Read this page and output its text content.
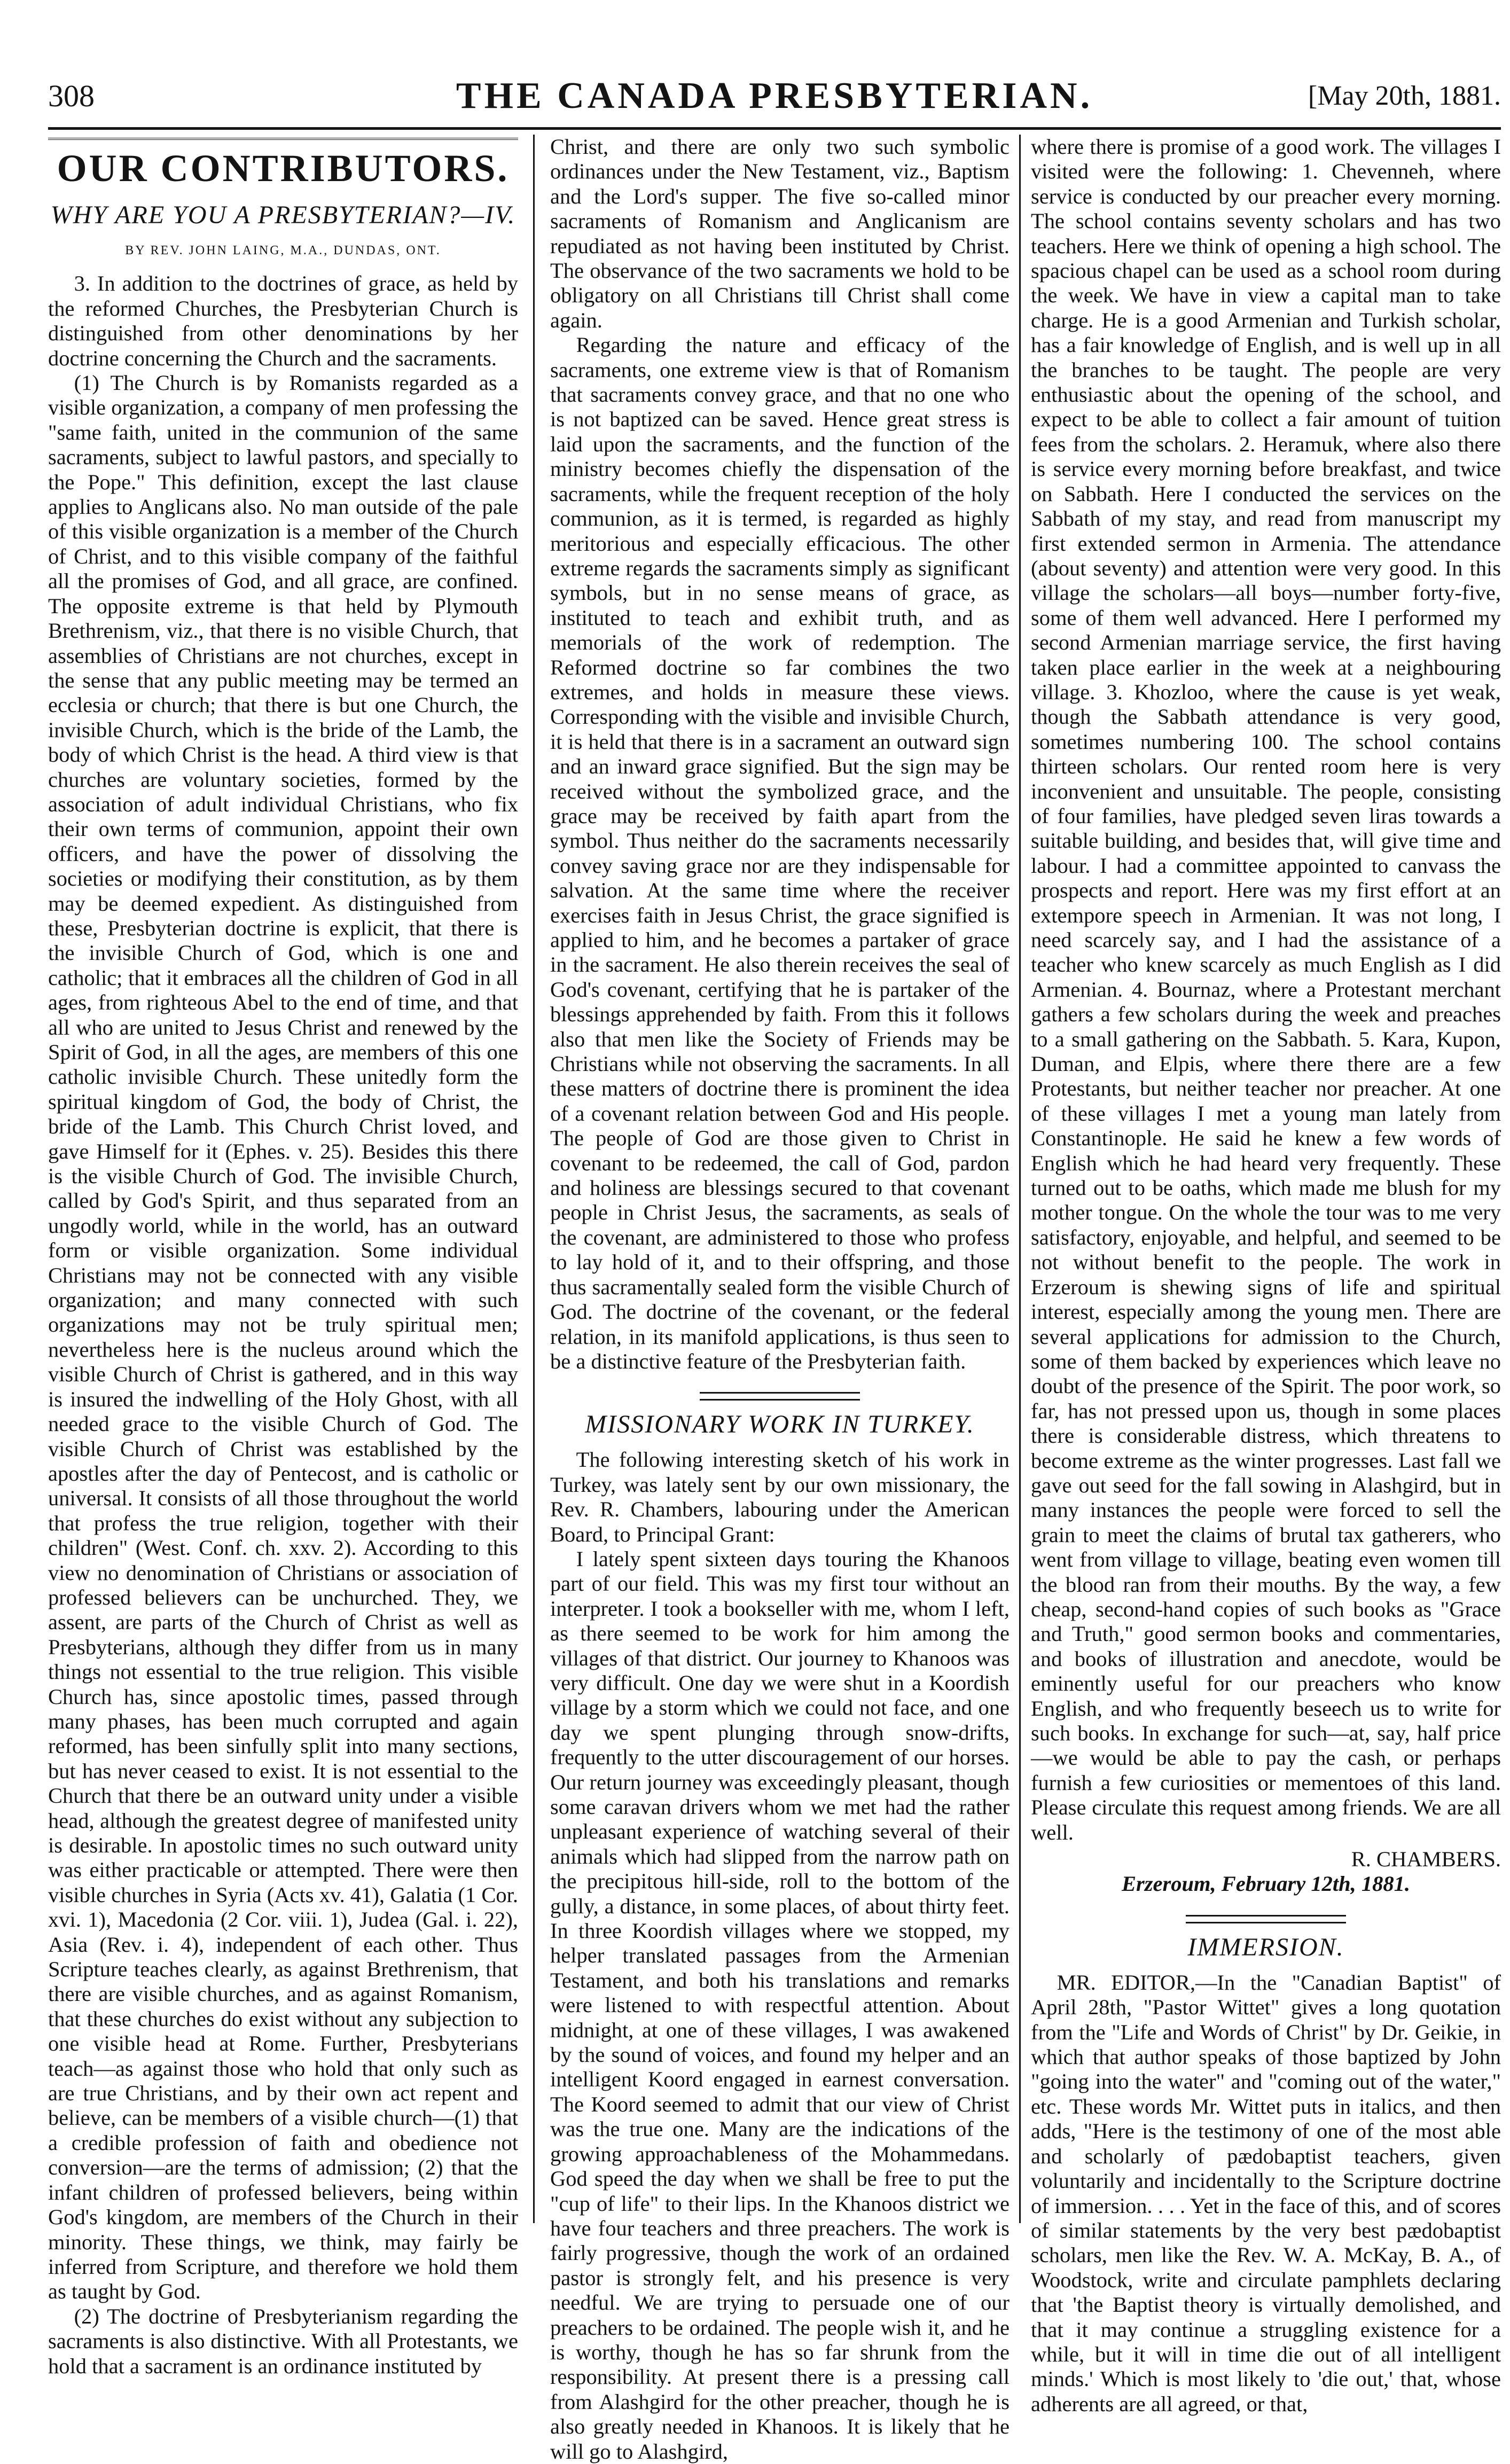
308	THE CANADA PRESBYTERIAN.	[May 20th, 1881.
OUR CONTRIBUTORS.
WHY ARE YOU A PRESBYTERIAN?—IV.
BY REV. JOHN LAING, M.A., DUNDAS, ONT.

3. In addition to the doctrines of grace, as held by the reformed Churches, the Presbyterian Church is distinguished from other denominations by her doctrine concerning the Church and the sacraments.

(1) The Church is by Romanists regarded as a visible organization, a company of men professing the "same faith, united in the communion of the same sacraments, subject to lawful pastors, and specially to the Pope." This definition, except the last clause applies to Anglicans also. No man outside of the pale of this visible organization is a member of the Church of Christ, and to this visible company of the faithful all the promises of God, and all grace, are confined. The opposite extreme is that held by Plymouth Brethrenism, viz., that there is no visible Church, that assemblies of Christians are not churches, except in the sense that any public meeting may be termed an ecclesia or church; that there is but one Church, the invisible Church, which is the bride of the Lamb, the body of which Christ is the head. A third view is that churches are voluntary societies, formed by the association of adult individual Christians, who fix their own terms of communion, appoint their own officers, and have the power of dissolving the societies or modifying their constitution, as by them may be deemed expedient. As distinguished from these, Presbyterian doctrine is explicit, that there is the invisible Church of God, which is one and catholic; that it embraces all the children of God in all ages, from righteous Abel to the end of time, and that all who are united to Jesus Christ and renewed by the Spirit of God, in all the ages, are members of this one catholic invisible Church. These unitedly form the spiritual kingdom of God, the body of Christ, the bride of the Lamb. This Church Christ loved, and gave Himself for it (Ephes. v. 25). Besides this there is the visible Church of God. The invisible Church, called by God's Spirit, and thus separated from an ungodly world, while in the world, has an outward form or visible organization. Some individual Christians may not be connected with any visible organization; and many connected with such organizations may not be truly spiritual men; nevertheless here is the nucleus around which the visible Church of Christ is gathered, and in this way is insured the indwelling of the Holy Ghost, with all needed grace to the visible Church of God. The visible Church of Christ was established by the apostles after the day of Pentecost, and is catholic or universal. It consists of all those throughout the world that profess the true religion, together with their children" (West. Conf. ch. xxv. 2). According to this view no denomination of Christians or association of professed believers can be unchurched. They, we assent, are parts of the Church of Christ as well as Presbyterians, although they differ from us in many things not essential to the true religion. This visible Church has, since apostolic times, passed through many phases, has been much corrupted and again reformed, has been sinfully split into many sections, but has never ceased to exist. It is not essential to the Church that there be an outward unity under a visible head, although the greatest degree of manifested unity is desirable. In apostolic times no such outward unity was either practicable or attempted. There were then visible churches in Syria (Acts xv. 41), Galatia (1 Cor. xvi. 1), Macedonia (2 Cor. viii. 1), Judea (Gal. i. 22), Asia (Rev. i. 4), independent of each other. Thus Scripture teaches clearly, as against Brethrenism, that there are visible churches, and as against Romanism, that these churches do exist without any subjection to one visible head at Rome. Further, Presbyterians teach—as against those who hold that only such as are true Christians, and by their own act repent and believe, can be members of a visible church—(1) that a credible profession of faith and obedience not conversion—are the terms of admission; (2) that the infant children of professed believers, being within God's kingdom, are members of the Church in their minority. These things, we think, may fairly be inferred from Scripture, and therefore we hold them as taught by God.

(2) The doctrine of Presbyterianism regarding the sacraments is also distinctive. With all Protestants, we hold that a sacrament is an ordinance instituted by

Christ, and there are only two such symbolic ordinances under the New Testament, viz., Baptism and the Lord's supper. The five so-called minor sacraments of Romanism and Anglicanism are repudiated as not having been instituted by Christ. The observance of the two sacraments we hold to be obligatory on all Christians till Christ shall come again.

Regarding the nature and efficacy of the sacraments, one extreme view is that of Romanism that sacraments convey grace, and that no one who is not baptized can be saved. Hence great stress is laid upon the sacraments, and the function of the ministry becomes chiefly the dispensation of the sacraments, while the frequent reception of the holy communion, as it is termed, is regarded as highly meritorious and especially efficacious. The other extreme regards the sacraments simply as significant symbols, but in no sense means of grace, as instituted to teach and exhibit truth, and as memorials of the work of redemption. The Reformed doctrine so far combines the two extremes, and holds in measure these views. Corresponding with the visible and invisible Church, it is held that there is in a sacrament an outward sign and an inward grace signified. But the sign may be received without the symbolized grace, and the grace may be received by faith apart from the symbol. Thus neither do the sacraments necessarily convey saving grace nor are they indispensable for salvation. At the same time where the receiver exercises faith in Jesus Christ, the grace signified is applied to him, and he becomes a partaker of grace in the sacrament. He also therein receives the seal of God's covenant, certifying that he is partaker of the blessings apprehended by faith. From this it follows also that men like the Society of Friends may be Christians while not observing the sacraments. In all these matters of doctrine there is prominent the idea of a covenant relation between God and His people. The people of God are those given to Christ in covenant to be redeemed, the call of God, pardon and holiness are blessings secured to that covenant people in Christ Jesus, the sacraments, as seals of the covenant, are administered to those who profess to lay hold of it, and to their offspring, and those thus sacramentally sealed form the visible Church of God. The doctrine of the covenant, or the federal relation, in its manifold applications, is thus seen to be a distinctive feature of the Presbyterian faith.

MISSIONARY WORK IN TURKEY.

The following interesting sketch of his work in Turkey, was lately sent by our own missionary, the Rev. R. Chambers, labouring under the American Board, to Principal Grant:

I lately spent sixteen days touring the Khanoos part of our field. This was my first tour without an interpreter. I took a bookseller with me, whom I left, as there seemed to be work for him among the villages of that district. Our journey to Khanoos was very difficult. One day we were shut in a Koordish village by a storm which we could not face, and one day we spent plunging through snow-drifts, frequently to the utter discouragement of our horses. Our return journey was exceedingly pleasant, though some caravan drivers whom we met had the rather unpleasant experience of watching several of their animals which had slipped from the narrow path on the precipitous hill-side, roll to the bottom of the gully, a distance, in some places, of about thirty feet. In three Koordish villages where we stopped, my helper translated passages from the Armenian Testament, and both his translations and remarks were listened to with respectful attention. About midnight, at one of these villages, I was awakened by the sound of voices, and found my helper and an intelligent Koord engaged in earnest conversation. The Koord seemed to admit that our view of Christ was the true one. Many are the indications of the growing approachableness of the Mohammedans. God speed the day when we shall be free to put the "cup of life" to their lips. In the Khanoos district we have four teachers and three preachers. The work is fairly progressive, though the work of an ordained pastor is strongly felt, and his presence is very needful. We are trying to persuade one of our preachers to be ordained. The people wish it, and he is worthy, though he has so far shrunk from the responsibility. At present there is a pressing call from Alashgird for the other preacher, though he is also greatly needed in Khanoos. It is likely that he will go to Alashgird,

where there is promise of a good work. The villages I visited were the following: 1. Chevenneh, where service is conducted by our preacher every morning. The school contains seventy scholars and has two teachers. Here we think of opening a high school. The spacious chapel can be used as a school room during the week. We have in view a capital man to take charge. He is a good Armenian and Turkish scholar, has a fair knowledge of English, and is well up in all the branches to be taught. The people are very enthusiastic about the opening of the school, and expect to be able to collect a fair amount of tuition fees from the scholars. 2. Heramuk, where also there is service every morning before breakfast, and twice on Sabbath. Here I conducted the services on the Sabbath of my stay, and read from manuscript my first extended sermon in Armenia. The attendance (about seventy) and attention were very good. In this village the scholars—all boys—number forty-five, some of them well advanced. Here I performed my second Armenian marriage service, the first having taken place earlier in the week at a neighbouring village. 3. Khozloo, where the cause is yet weak, though the Sabbath attendance is very good, sometimes numbering 100. The school contains thirteen scholars. Our rented room here is very inconvenient and unsuitable. The people, consisting of four families, have pledged seven liras towards a suitable building, and besides that, will give time and labour. I had a committee appointed to canvass the prospects and report. Here was my first effort at an extempore speech in Armenian. It was not long, I need scarcely say, and I had the assistance of a teacher who knew scarcely as much English as I did Armenian. 4. Bournaz, where a Protestant merchant gathers a few scholars during the week and preaches to a small gathering on the Sabbath. 5. Kara, Kupon, Duman, and Elpis, where there there are a few Protestants, but neither teacher nor preacher. At one of these villages I met a young man lately from Constantinople. He said he knew a few words of English which he had heard very frequently. These turned out to be oaths, which made me blush for my mother tongue. On the whole the tour was to me very satisfactory, enjoyable, and helpful, and seemed to be not without benefit to the people. The work in Erzeroum is shewing signs of life and spiritual interest, especially among the young men. There are several applications for admission to the Church, some of them backed by experiences which leave no doubt of the presence of the Spirit. The poor work, so far, has not pressed upon us, though in some places there is considerable distress, which threatens to become extreme as the winter progresses. Last fall we gave out seed for the fall sowing in Alashgird, but in many instances the people were forced to sell the grain to meet the claims of brutal tax gatherers, who went from village to village, beating even women till the blood ran from their mouths. By the way, a few cheap, second-hand copies of such books as "Grace and Truth," good sermon books and commentaries, and books of illustration and anecdote, would be eminently useful for our preachers who know English, and who frequently beseech us to write for such books. In exchange for such—at, say, half price—we would be able to pay the cash, or perhaps furnish a few curiosities or mementoes of this land. Please circulate this request among friends. We are all well.

R. CHAMBERS.
Erzeroum, February 12th, 1881.
IMMERSION.

MR. EDITOR,—In the "Canadian Baptist" of April 28th, "Pastor Wittet" gives a long quotation from the "Life and Words of Christ" by Dr. Geikie, in which that author speaks of those baptized by John "going into the water" and "coming out of the water," etc. These words Mr. Wittet puts in italics, and then adds, "Here is the testimony of one of the most able and scholarly of pædobaptist teachers, given voluntarily and incidentally to the Scripture doctrine of immersion. . . . Yet in the face of this, and of scores of similar statements by the very best pædobaptist scholars, men like the Rev. W. A. McKay, B. A., of Woodstock, write and circulate pamphlets declaring that 'the Baptist theory is virtually demolished, and that it may continue a struggling existence for a while, but it will in time die out of all intelligent minds.' Which is most likely to 'die out,' that, whose adherents are all agreed, or that,
